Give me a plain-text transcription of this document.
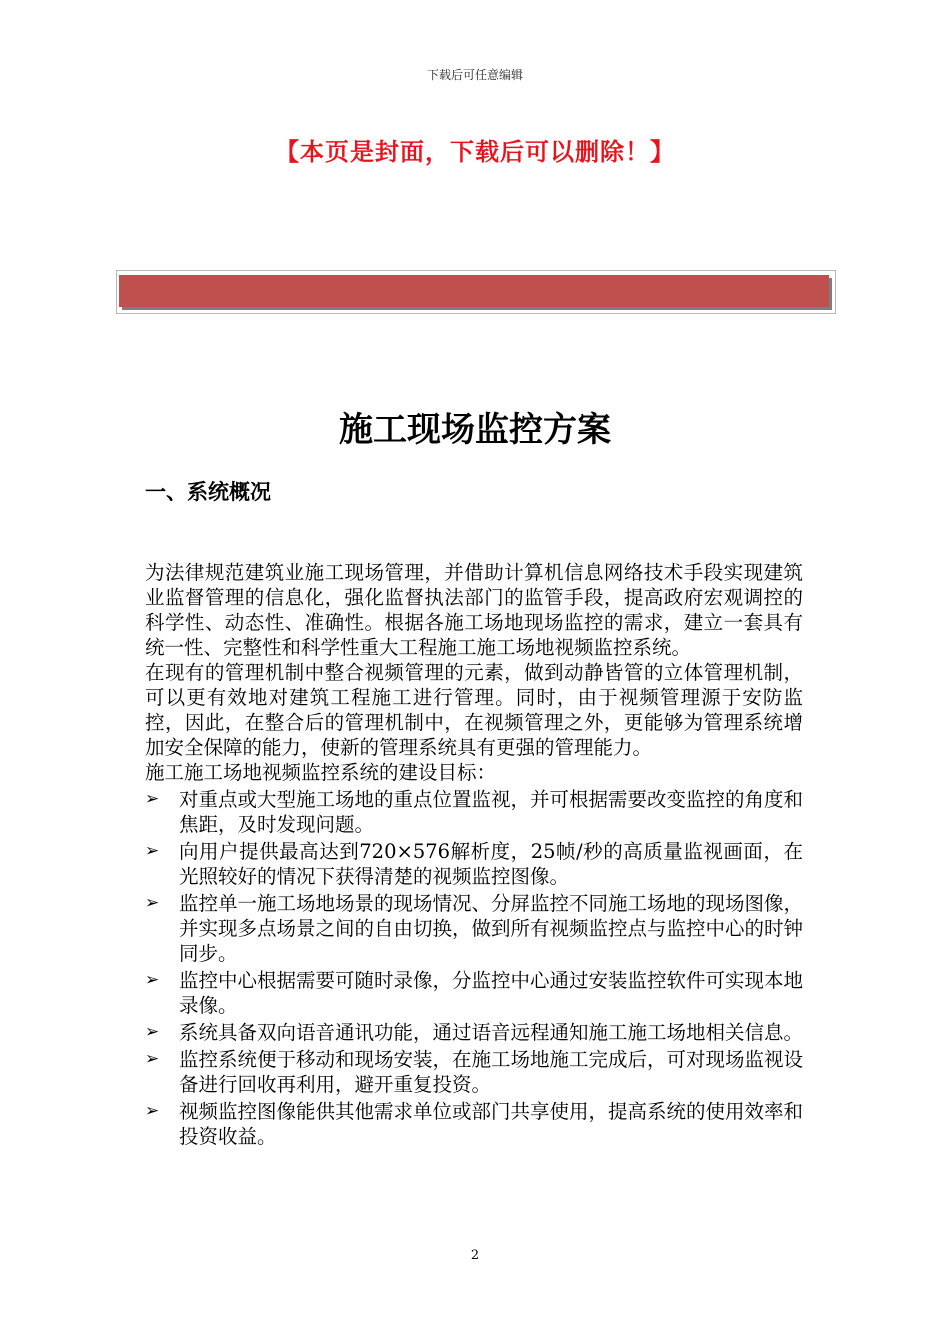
下载后可任意编辑
【本页是封面，下载后可以删除！】
施工现场监控方案
一、系统概况

为法律规范建筑业施工现场管理，并借助计算机信息网络技术手段实现建筑业监督管理的信息化，强化监督执法部门的监管手段，提高政府宏观调控的科学性、动态性、准确性。根据各施工场地现场监控的需求，建立一套具有统一性、完整性和科学性重大工程施工施工场地视频监控系统。

在现有的管理机制中整合视频管理的元素，做到动静皆管的立体管理机制，可以更有效地对建筑工程施工进行管理。同时，由于视频管理源于安防监控，因此，在整合后的管理机制中，在视频管理之外，更能够为管理系统增加安全保障的能力，使新的管理系统具有更强的管理能力。

施工施工场地视频监控系统的建设目标：

➢ 对重点或大型施工场地的重点位置监视，并可根据需要改变监控的角度和焦距，及时发现问题。
➢ 向用户提供最高达到720×576解析度，25帧/秒的高质量监视画面，在光照较好的情况下获得清楚的视频监控图像。
➢ 监控单一施工场地场景的现场情况、分屏监控不同施工场地的现场图像，并实现多点场景之间的自由切换，做到所有视频监控点与监控中心的时钟同步。
➢ 监控中心根据需要可随时录像，分监控中心通过安装监控软件可实现本地录像。
➢ 系统具备双向语音通讯功能，通过语音远程通知施工施工场地相关信息。
➢ 监控系统便于移动和现场安装，在施工场地施工完成后，可对现场监视设备进行回收再利用，避开重复投资。
➢ 视频监控图像能供其他需求单位或部门共享使用，提高系统的使用效率和投资收益。
2
